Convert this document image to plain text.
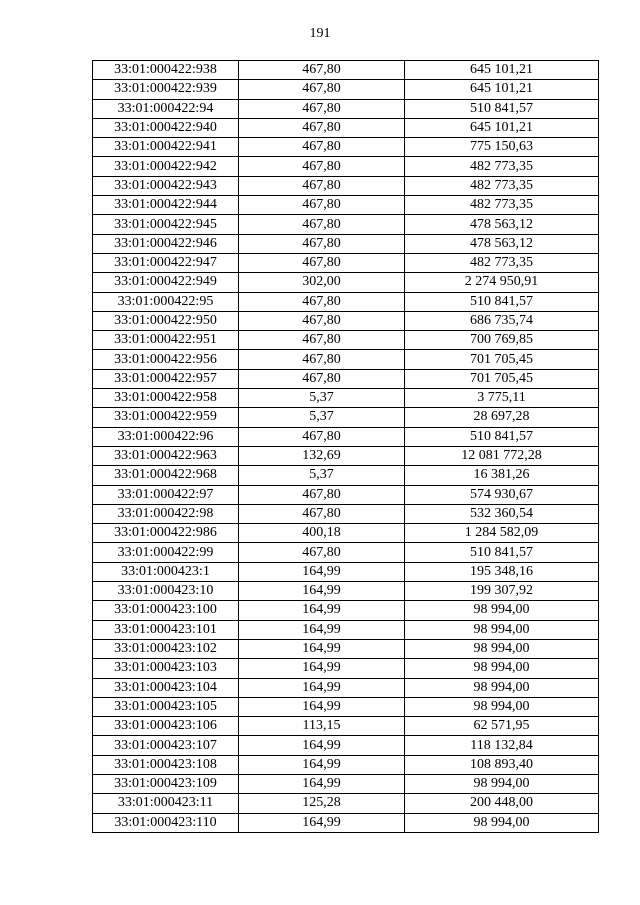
191
33:01:000422:938	467,80	645 101,21
33:01:000422:939	467,80	645 101,21
33:01:000422:94	467,80	510 841,57
33:01:000422:940	467,80	645 101,21
33:01:000422:941	467,80	775 150,63
33:01:000422:942	467,80	482 773,35
33:01:000422:943	467,80	482 773,35
33:01:000422:944	467,80	482 773,35
33:01:000422:945	467,80	478 563,12
33:01:000422:946	467,80	478 563,12
33:01:000422:947	467,80	482 773,35
33:01:000422:949	302,00	2 274 950,91
33:01:000422:95	467,80	510 841,57
33:01:000422:950	467,80	686 735,74
33:01:000422:951	467,80	700 769,85
33:01:000422:956	467,80	701 705,45
33:01:000422:957	467,80	701 705,45
33:01:000422:958	5,37	3 775,11
33:01:000422:959	5,37	28 697,28
33:01:000422:96	467,80	510 841,57
33:01:000422:963	132,69	12 081 772,28
33:01:000422:968	5,37	16 381,26
33:01:000422:97	467,80	574 930,67
33:01:000422:98	467,80	532 360,54
33:01:000422:986	400,18	1 284 582,09
33:01:000422:99	467,80	510 841,57
33:01:000423:1	164,99	195 348,16
33:01:000423:10	164,99	199 307,92
33:01:000423:100	164,99	98 994,00
33:01:000423:101	164,99	98 994,00
33:01:000423:102	164,99	98 994,00
33:01:000423:103	164,99	98 994,00
33:01:000423:104	164,99	98 994,00
33:01:000423:105	164,99	98 994,00
33:01:000423:106	113,15	62 571,95
33:01:000423:107	164,99	118 132,84
33:01:000423:108	164,99	108 893,40
33:01:000423:109	164,99	98 994,00
33:01:000423:11	125,28	200 448,00
33:01:000423:110	164,99	98 994,00
